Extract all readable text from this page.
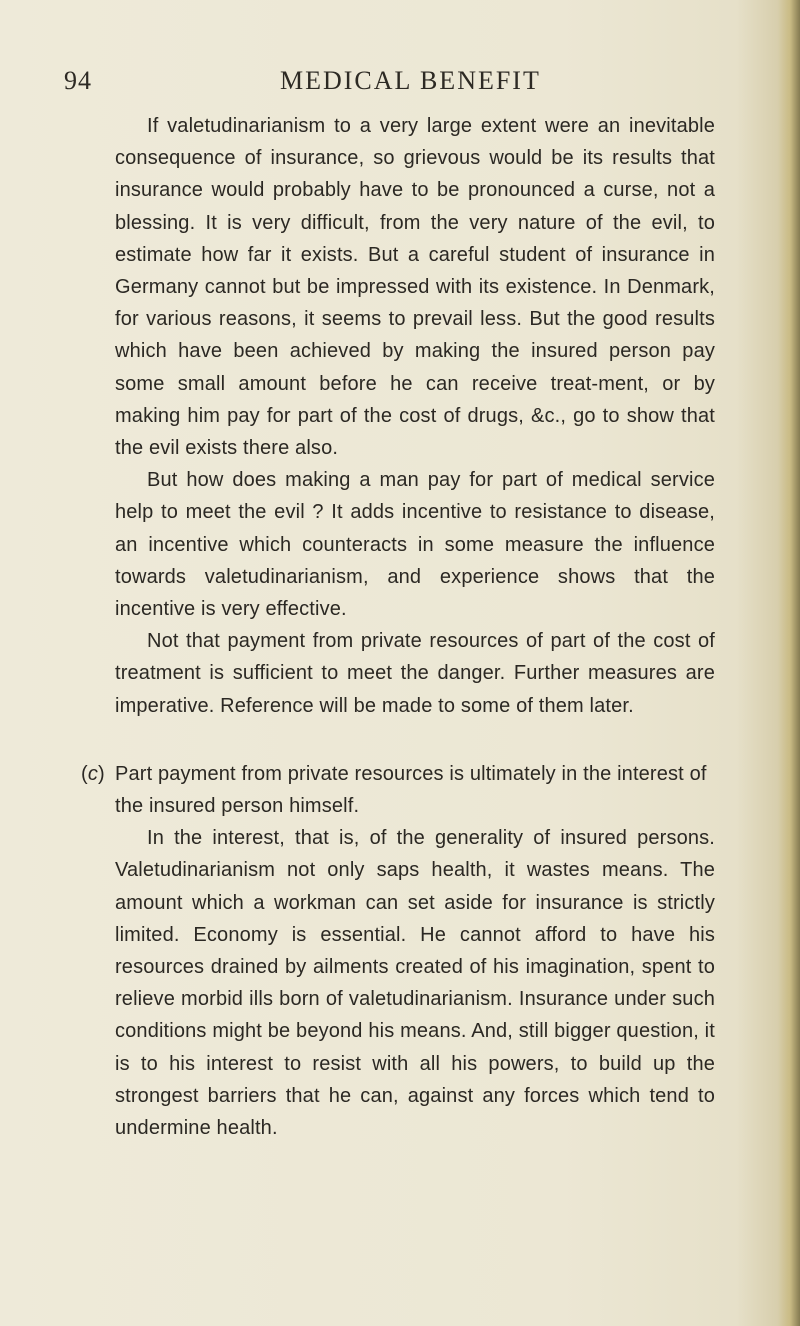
94	MEDICAL BENEFIT

If valetudinarianism to a very large extent were an inevitable consequence of insurance, so grievous would be its results that insurance would probably have to be pronounced a curse, not a blessing. It is very difficult, from the very nature of the evil, to estimate how far it exists. But a careful student of insurance in Germany cannot but be impressed with its existence. In Denmark, for various reasons, it seems to prevail less. But the good results which have been achieved by making the insured person pay some small amount before he can receive treat-ment, or by making him pay for part of the cost of drugs, &c., go to show that the evil exists there also.

But how does making a man pay for part of medical service help to meet the evil ? It adds incentive to resistance to disease, an incentive which counteracts in some measure the influence towards valetudinarianism, and experience shows that the incentive is very effective.

Not that payment from private resources of part of the cost of treatment is sufficient to meet the danger. Further measures are imperative. Reference will be made to some of them later.

(c) Part payment from private resources is ultimately in the interest of the insured person himself.

In the interest, that is, of the generality of insured persons. Valetudinarianism not only saps health, it wastes means. The amount which a workman can set aside for insurance is strictly limited. Economy is essential. He cannot afford to have his resources drained by ailments created of his imagination, spent to relieve morbid ills born of valetudinarianism. Insurance under such conditions might be beyond his means. And, still bigger question, it is to his interest to resist with all his powers, to build up the strongest barriers that he can, against any forces which tend to undermine health.
